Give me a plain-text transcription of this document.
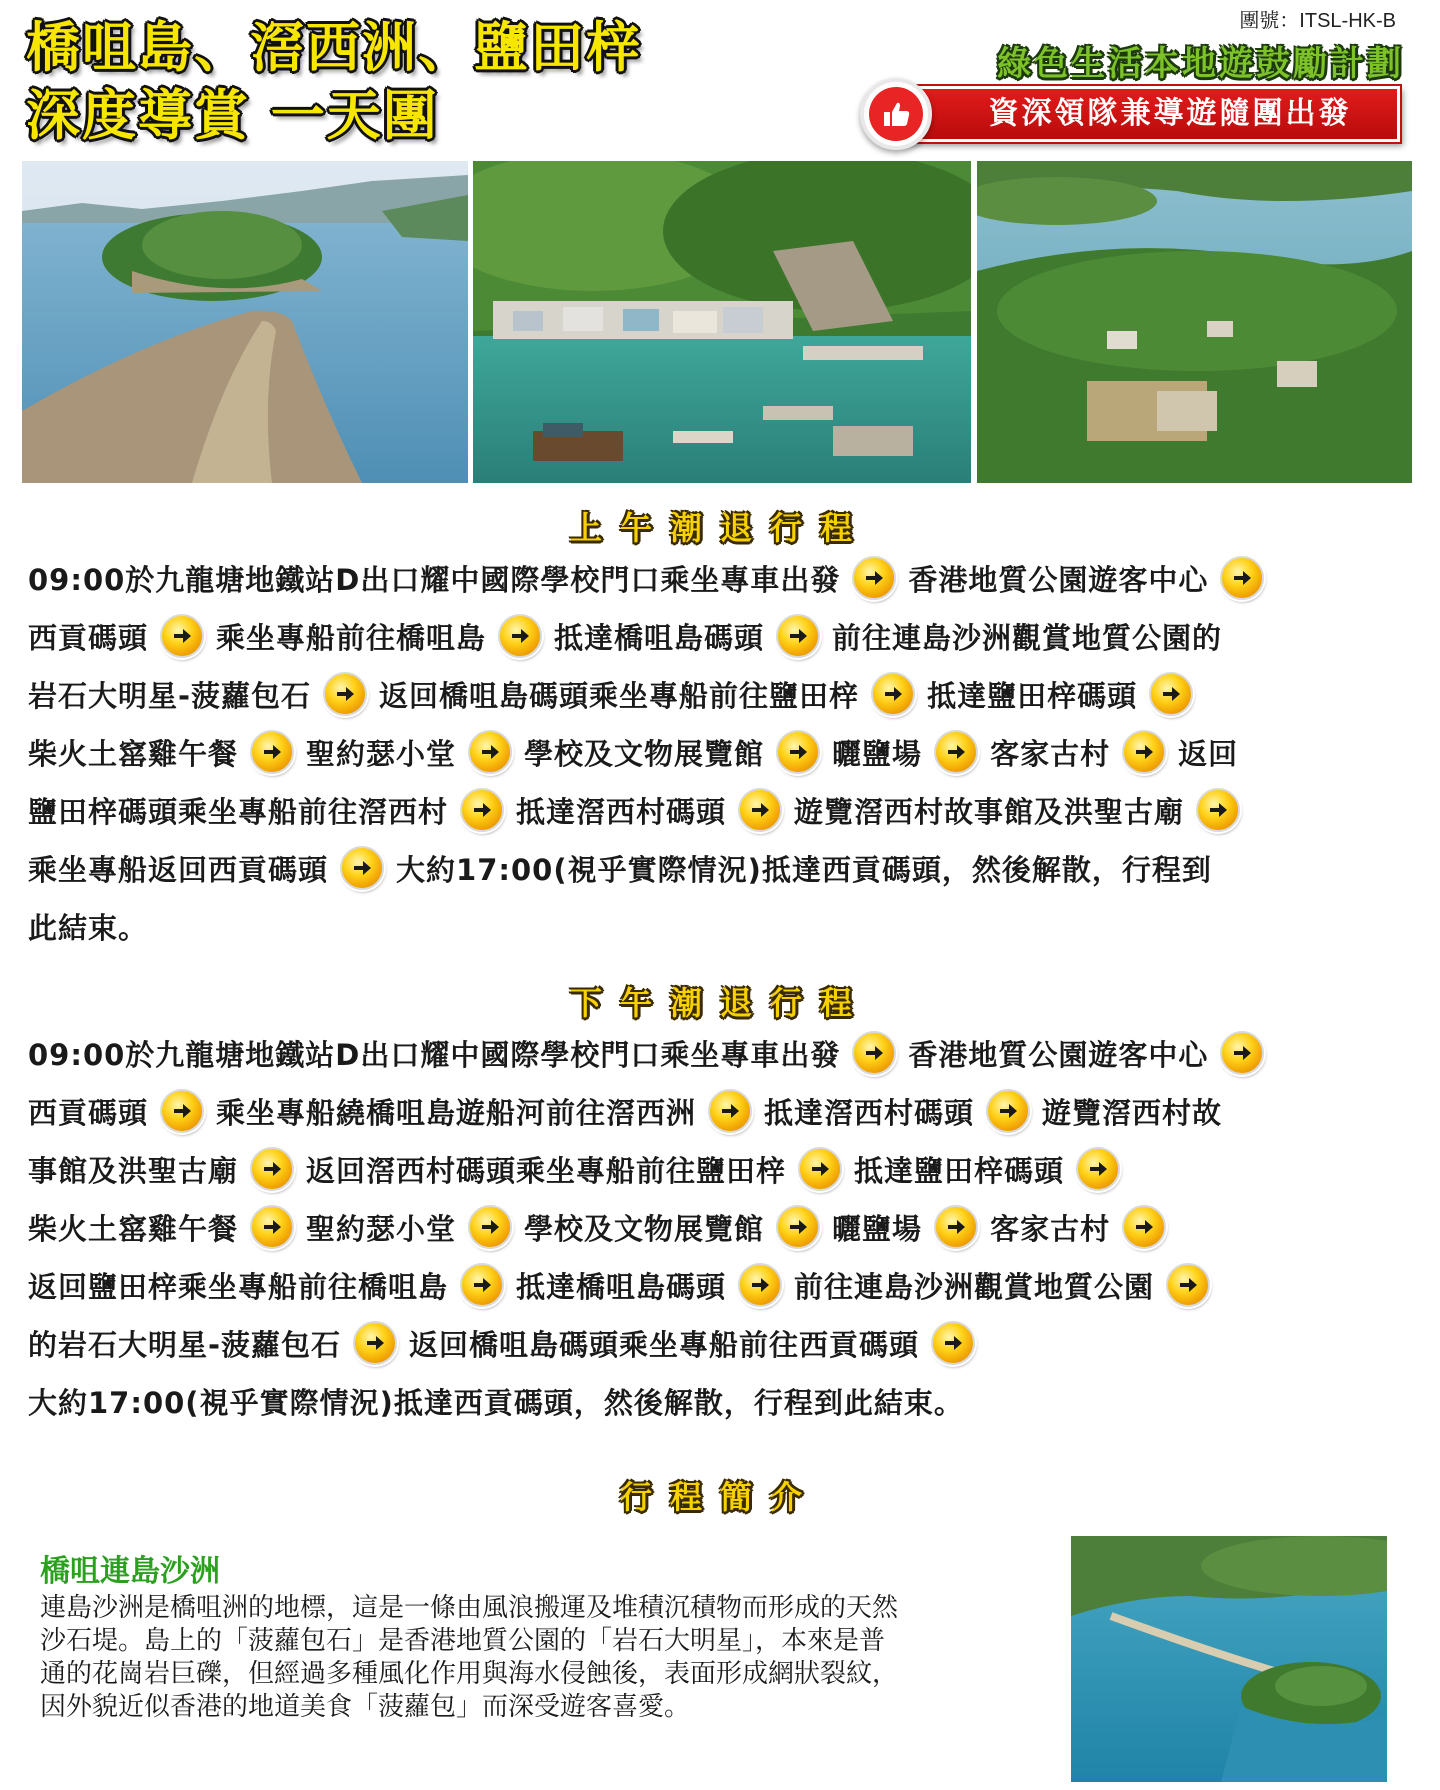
團號：ITSL-HK-B
橋咀島、滘西洲、鹽田梓
深度導賞 一天團
綠色生活本地遊鼓勵計劃
資深領隊兼導遊隨團出發
上午潮退行程
09:00於九龍塘地鐵站D出口耀中國際學校門口乘坐專車出發 香港地質公園遊客中心
西貢碼頭 乘坐專船前往橋咀島 抵達橋咀島碼頭 前往連島沙洲觀賞地質公園的
岩石大明星-菠蘿包石 返回橋咀島碼頭乘坐專船前往鹽田梓 抵達鹽田梓碼頭
柴火土窰雞午餐 聖約瑟小堂 學校及文物展覽館 曬鹽場 客家古村 返回
鹽田梓碼頭乘坐專船前往滘西村 抵達滘西村碼頭 遊覽滘西村故事館及洪聖古廟
乘坐專船返回西貢碼頭 大約17:00(視乎實際情況)抵達西貢碼頭，然後解散，行程到
此結束。
下午潮退行程
09:00於九龍塘地鐵站D出口耀中國際學校門口乘坐專車出發 香港地質公園遊客中心
西貢碼頭 乘坐專船繞橋咀島遊船河前往滘西洲 抵達滘西村碼頭 遊覽滘西村故
事館及洪聖古廟 返回滘西村碼頭乘坐專船前往鹽田梓 抵達鹽田梓碼頭
柴火土窰雞午餐 聖約瑟小堂 學校及文物展覽館 曬鹽場 客家古村
返回鹽田梓乘坐專船前往橋咀島 抵達橋咀島碼頭 前往連島沙洲觀賞地質公園
的岩石大明星-菠蘿包石 返回橋咀島碼頭乘坐專船前往西貢碼頭
大約17:00(視乎實際情況)抵達西貢碼頭，然後解散，行程到此結束。
行程簡介
橋咀連島沙洲
連島沙洲是橋咀洲的地標，這是一條由風浪搬運及堆積沉積物而形成的天然
沙石堤。島上的「菠蘿包石」是香港地質公園的「岩石大明星」，本來是普
通的花崗岩巨礫，但經過多種風化作用與海水侵蝕後，表面形成網狀裂紋，
因外貌近似香港的地道美食「菠蘿包」而深受遊客喜愛。
